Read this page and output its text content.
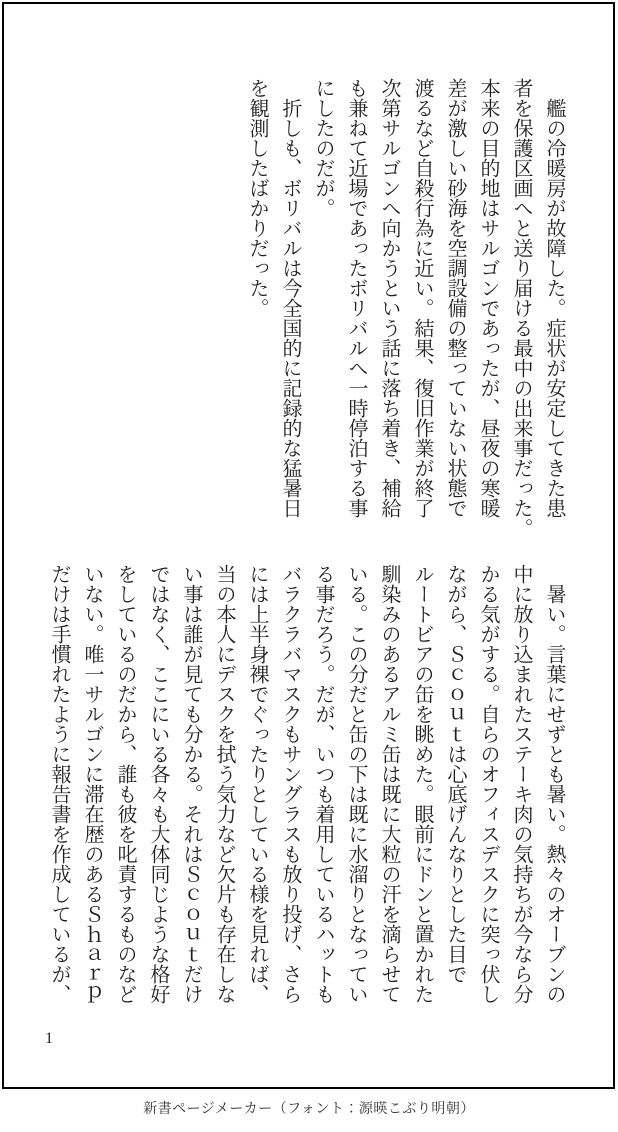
　艦の冷暖房が故障した。症状が安定してきた患

者を保護区画へと送り届ける最中の出来事だった。

本来の目的地はサルゴンであったが、昼夜の寒暖

差が激しい砂海を空調設備の整っていない状態で

渡るなど自殺行為に近い。結果、復旧作業が終了

次第サルゴンへ向かうという話に落ち着き、補給

も兼ねて近場であったボリバルへ一時停泊する事

にしたのだが。

　折しも、ボリバルは今全国的に記録的な猛暑日

を観測したばかりだった。

　暑い。言葉にせずとも暑い。熱々のオーブンの

中に放り込まれたステーキ肉の気持ちが今なら分

かる気がする。自らのオフィスデスクに突っ伏し

ながら、Ｓｃｏｕｔは心底げんなりとした目で

ルートビアの缶を眺めた。眼前にドンと置かれた

馴染みのあるアルミ缶は既に大粒の汗を滴らせて

いる。この分だと缶の下は既に水溜りとなってい

る事だろう。だが、いつも着用しているハットも

バラクラバマスクもサングラスも放り投げ、さら

には上半身裸でぐったりとしている様を見れば、

当の本人にデスクを拭う気力など欠片も存在しな

い事は誰が見ても分かる。それはＳｃｏｕｔだけ

ではなく、ここにいる各々も大体同じような格好

をしているのだから、誰も彼を叱責するものなど

いない。唯一サルゴンに滞在歴のあるＳｈａｒｐ

だけは手慣れたように報告書を作成しているが、

1
新書ページメーカー（フォント：源暎こぶり明朝）
